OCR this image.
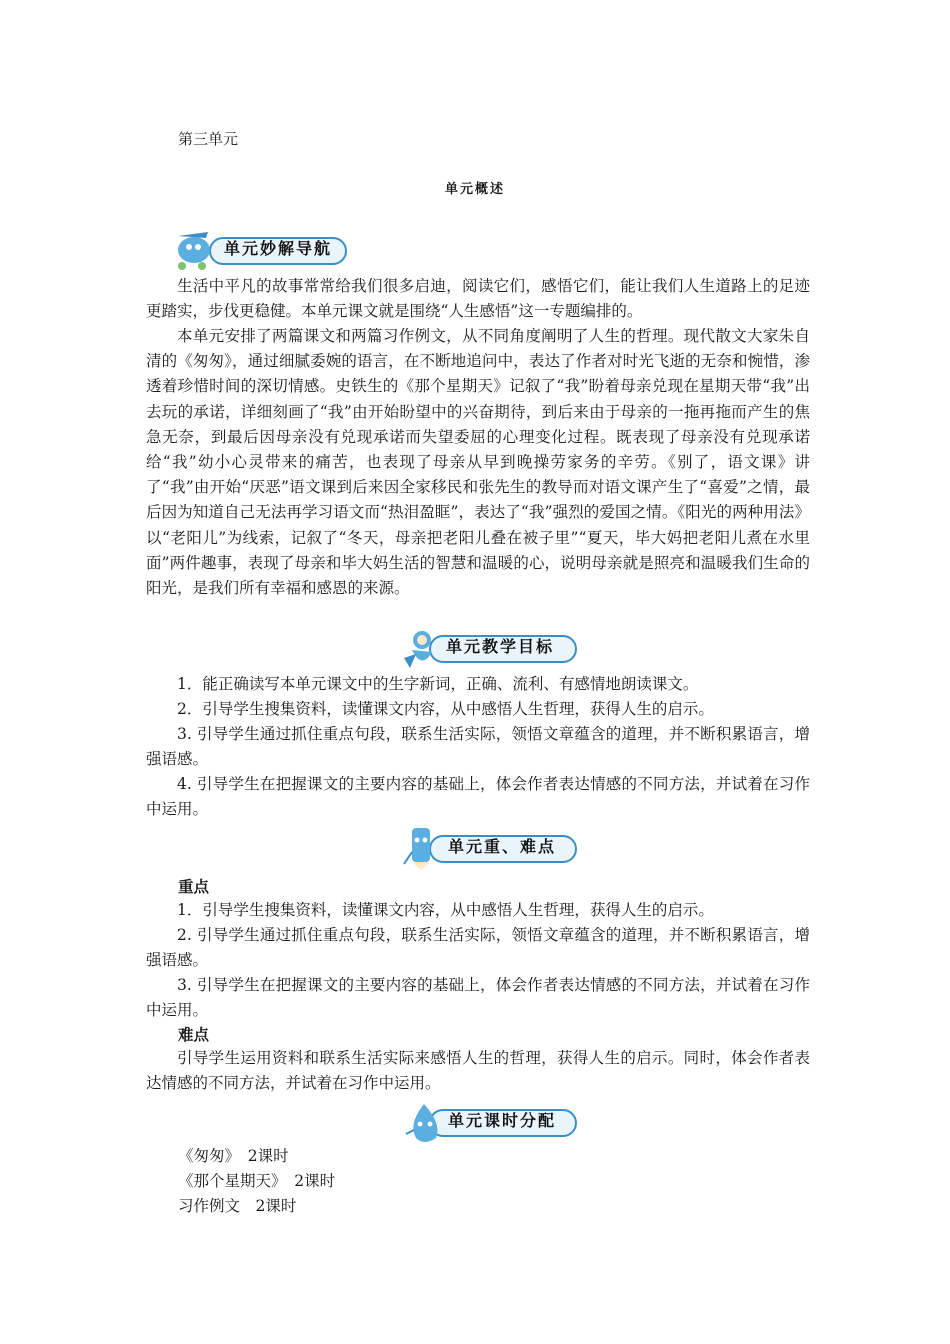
第三单元
单元概述
单元妙解导航

生活中平凡的故事常常给我们很多启迪，阅读它们，感悟它们，能让我们人生道路上的足迹更踏实，步伐更稳健。本单元课文就是围绕“人生感悟”这一专题编排的。

本单元安排了两篇课文和两篇习作例文，从不同角度阐明了人生的哲理。现代散文大家朱自清的《匆匆》，通过细腻委婉的语言，在不断地追问中，表达了作者对时光飞逝的无奈和惋惜，渗透着珍惜时间的深切情感。史铁生的《那个星期天》记叙了“我”盼着母亲兑现在星期天带“我”出去玩的承诺，详细刻画了“我”由开始盼望中的兴奋期待，到后来由于母亲的一拖再拖而产生的焦急无奈，到最后因母亲没有兑现承诺而失望委屈的心理变化过程。既表现了母亲没有兑现承诺给“我”幼小心灵带来的痛苦，也表现了母亲从早到晚操劳家务的辛劳。《别了，语文课》讲了“我”由开始“厌恶”语文课到后来因全家移民和张先生的教导而对语文课产生了“喜爱”之情，最后因为知道自己无法再学习语文而“热泪盈眶”，表达了“我”强烈的爱国之情。《阳光的两种用法》以“老阳儿”为线索，记叙了“冬天，母亲把老阳儿叠在被子里”“夏天，毕大妈把老阳儿煮在水里面”两件趣事，表现了母亲和毕大妈生活的智慧和温暖的心，说明母亲就是照亮和温暖我们生命的阳光，是我们所有幸福和感恩的来源。

单元教学目标
1．能正确读写本单元课文中的生字新词，正确、流利、有感情地朗读课文。
2．引导学生搜集资料，读懂课文内容，从中感悟人生哲理，获得人生的启示。
3. 引导学生通过抓住重点句段，联系生活实际，领悟文章蕴含的道理，并不断积累语言，增强语感。
4. 引导学生在把握课文的主要内容的基础上，体会作者表达情感的不同方法，并试着在习作中运用。
单元重、难点
重点
1．引导学生搜集资料，读懂课文内容，从中感悟人生哲理，获得人生的启示。
2. 引导学生通过抓住重点句段，联系生活实际，领悟文章蕴含的道理，并不断积累语言，增强语感。
3. 引导学生在把握课文的主要内容的基础上，体会作者表达情感的不同方法，并试着在习作中运用。
难点

引导学生运用资料和联系生活实际来感悟人生的哲理，获得人生的启示。同时，体会作者表达情感的不同方法，并试着在习作中运用。

单元课时分配
《匆匆》　2课时
《那个星期天》　2课时
习作例文　2课时
